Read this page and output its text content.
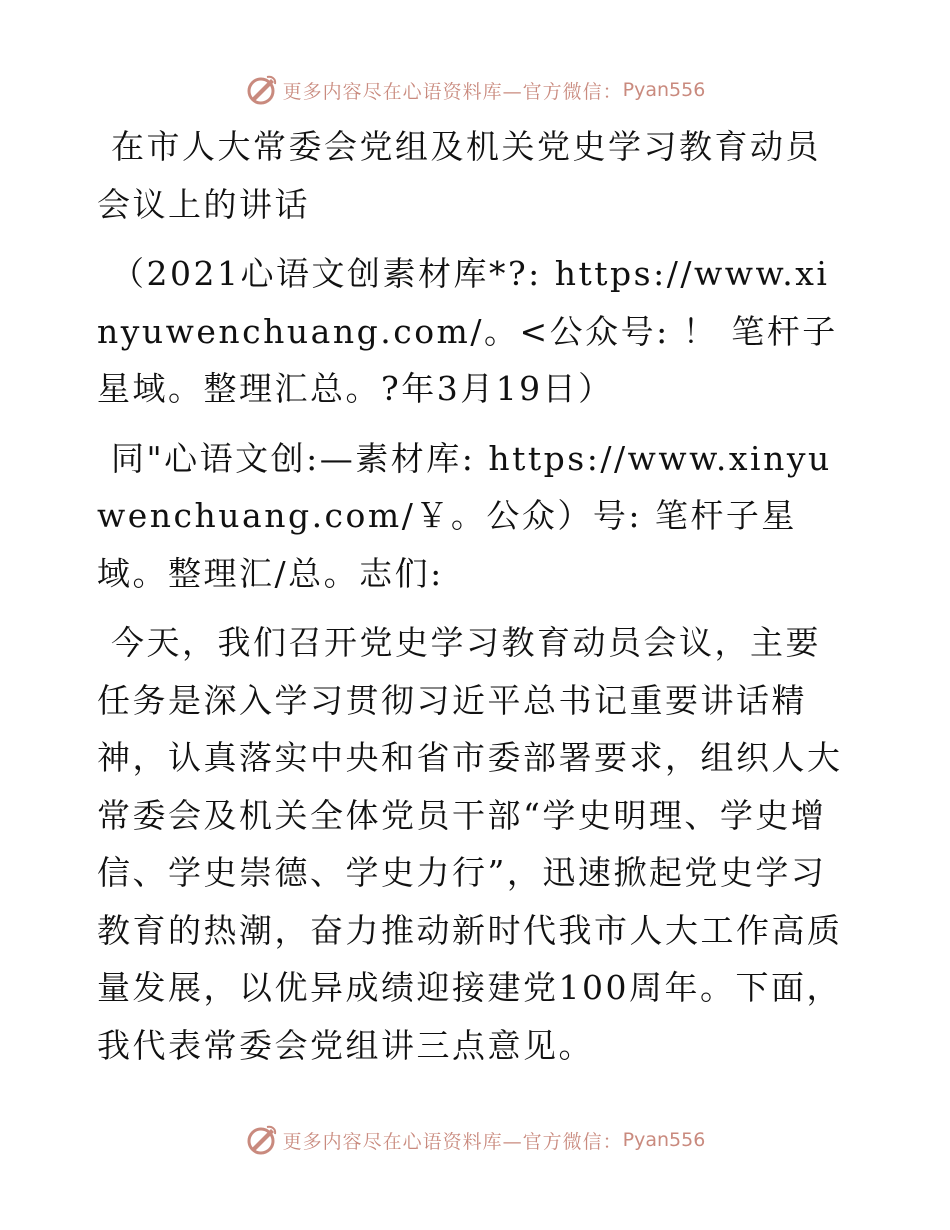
更多内容尽在心语资料库—官方微信： Pyan556

在市人大常委会党组及机关党史学习教育动员会议上的讲话

（2021心语文创素材库*?: https://www.xinyuwenchuang.com/。<公众号: ！ 笔杆子星域。整理汇总。?年3月19日）

同"心语文创:—素材库: https://www.xinyuwenchuang.com/￥。公众）号: 笔杆子星域。整理汇/总。志们:

今天，我们召开党史学习教育动员会议，主要任务是深入学习贯彻习近平总书记重要讲话精神，认真落实中央和省市委部署要求，组织人大常委会及机关全体党员干部“学史明理、学史增信、学史崇德、学史力行”，迅速掀起党史学习教育的热潮，奋力推动新时代我市人大工作高质量发展，以优异成绩迎接建党100周年。下面，我代表常委会党组讲三点意见。

更多内容尽在心语资料库—官方微信： Pyan556
